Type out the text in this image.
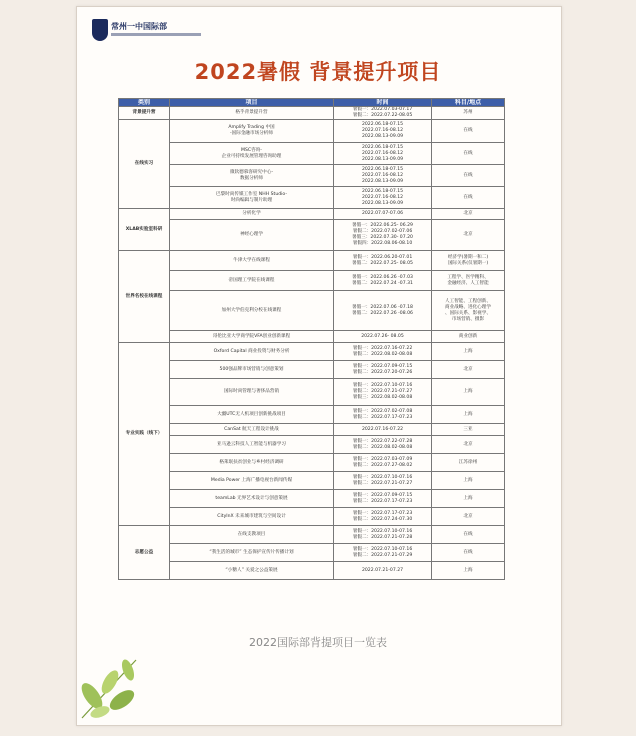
常州一中国际部
2022暑假 背景提升项目
类别	项目	时间	科目/地点
背景提升营	格乎背景提升营	暑假一：2022.07.03-07.17
暑假二：2022.07.22-08.05	苏州

在线实习	Amplify Trading 中国
-国际金融市场分析师	2022.06.18-07.15
2022.07.16-08.12
2022.08.13-09.09	在线

	MSC咨询-
企业可持续发展管理咨询助理	2022.06.18-07.15
2022.07.16-08.12
2022.08.13-09.09	在线

	微软德慕客研究中心-
数据分析师	2022.06.18-07.15
2022.07.16-08.12
2022.08.13-09.09	在线

	巴黎时尚传媒工作室 NHH Studio-
时尚编辑与制片助理	2022.06.18-07.15
2022.07.16-08.12
2022.08.13-09.09	在线

XLAB实验室科研	分析化学	2022.07.07-07.06	北京

	神经心理学	暑假一：2022.06.25- 06.29
暑假二：2022.07.02-07.06
暑假三：2022.07.30- 07.20
暑假四：2022.08.06-08.10	北京

世界名校在线课程	牛津大学在线课程	暑假一：2022.06.20-07.01
暑假二：2022.07.25- 08.05	经济学(暑期一和二)
国际关系(仅暑期一)

	帝国理工学院在线课程	暑假一：2022.06.26 -07.03
暑假二：2022.07.24 -07.31	工程学、医学精科、
金融经济、人工智能

	加州大学伯克利分校在线课程	暑假一：2022.07.06 -07.18
暑假二：2022.07.26 -08.06	人工智能、工程创新、
商业战略、进化心理学
、国际关系、影视学、
市场营销、摄影

	哥伦比亚大学商学院VFA创业创新课程	2022.07.26- 08.05	商业创新

专业实践（线下）	Oxford Capital 商业投资与财务分析	暑假一：2022.07.16-07.22
暑假二：2022.08.02-08.08	上海

	500强品牌市场营销与创意策划	暑假一：2022.07.09-07.15
暑假二：2022.07.20-07.26	北京

	国际时尚管理与奢侈品营销	暑假一：2022.07.10-07.16
暑假二：2022.07.21-07.27
暑假三：2022.08.02-08.08	上海

	大疆UTC无人机项目创新挑战项目	暑假一：2022.07.02-07.08
暑假二：2022.07.17-07.23	上海

	CanSat 航天工程设计挑战	2022.07.16-07.22	三亚

	亚马逊云科技人工智能与机器学习	暑假一：2022.07.22-07.28
暑假二：2022.08.02-08.08	北京

	格莱珉扶贫创业与乡村经济调研	暑假一：2022.07.03-07.09
暑假二：2022.07.27-08.02	江苏徐州

	Media Power 上海广播电视台新闻传媒	暑假一：2022.07.10-07.16
暑假二：2022.07.21-07.27	上海

	teamLab 无界艺术设计与创意策展	暑假一：2022.07.09-07.15
暑假二：2022.07.17-07.23	上海

	CityInX 未来城市建筑与空间设计	暑假一：2022.07.17-07.23
暑假二：2022.07.24-07.30	北京

志愿公益	在线支教项目	暑假一：2022.07.10-07.16
暑假二：2022.07.21-07.28	在线

	“我生活的城市” 生态保护宣传片传播计划	暑假一：2022.07.10-07.16
暑假二：2022.07.21-07.29	在线

	“小糖人” 关爱之公益策展	2022.07.21-07.27	上海
2022国际部背提项目一览表
